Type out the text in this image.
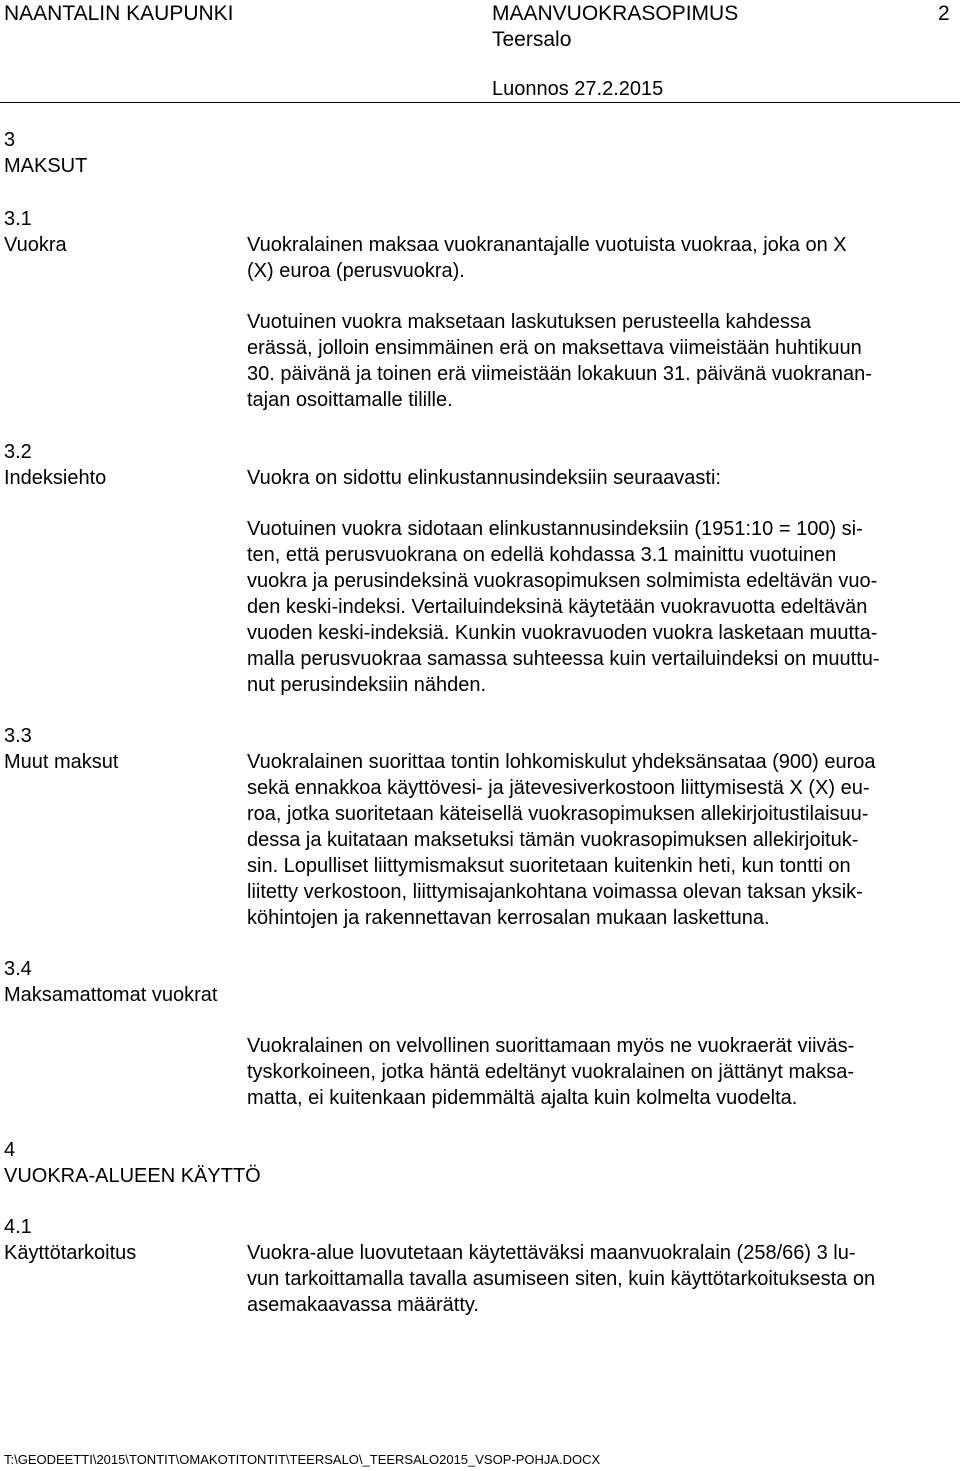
NAANTALIN KAUPUNKI	MAANVUOKRASOPIMUS	2
Teersalo
Luonnos 27.2.2015
3
MAKSUT
3.1
Vuokra	Vuokralainen maksaa vuokranantajalle vuotuista vuokraa, joka on X
(X) euroa (perusvuokra).
Vuotuinen vuokra maksetaan laskutuksen perusteella kahdessa
erässä, jolloin ensimmäinen erä on maksettava viimeistään huhtikuun
30. päivänä ja toinen erä viimeistään lokakuun 31. päivänä vuokranan-
tajan osoittamalle tilille.
3.2
Indeksiehto	Vuokra on sidottu elinkustannusindeksiin seuraavasti:
Vuotuinen vuokra sidotaan elinkustannusindeksiin (1951:10 = 100) si-
ten, että perusvuokrana on edellä kohdassa 3.1 mainittu vuotuinen
vuokra ja perusindeksinä vuokrasopimuksen solmimista edeltävän vuo-
den keski-indeksi. Vertailuindeksinä käytetään vuokravuotta edeltävän
vuoden keski-indeksiä. Kunkin vuokravuoden vuokra lasketaan muutta-
malla perusvuokraa samassa suhteessa kuin vertailuindeksi on muuttu-
nut perusindeksiin nähden.
3.3
Muut maksut	Vuokralainen suorittaa tontin lohkomiskulut yhdeksänsataa (900) euroa
sekä ennakkoa käyttövesi- ja jätevesiverkostoon liittymisestä X (X) eu-
roa, jotka suoritetaan käteisellä vuokrasopimuksen allekirjoitustilaisuu-
dessa ja kuitataan maksetuksi tämän vuokrasopimuksen allekirjoituk-
sin. Lopulliset liittymismaksut suoritetaan kuitenkin heti, kun tontti on
liitetty verkostoon, liittymisajankohtana voimassa olevan taksan yksik-
köhintojen ja rakennettavan kerrosalan mukaan laskettuna.
3.4
Maksamattomat vuokrat
Vuokralainen on velvollinen suorittamaan myös ne vuokraerät viiväs-
tyskorkoineen, jotka häntä edeltänyt vuokralainen on jättänyt maksa-
matta, ei kuitenkaan pidemmältä ajalta kuin kolmelta vuodelta.
4
VUOKRA-ALUEEN KÄYTTÖ
4.1
Käyttötarkoitus	Vuokra-alue luovutetaan käytettäväksi maanvuokralain (258/66) 3 lu-
vun tarkoittamalla tavalla asumiseen siten, kuin käyttötarkoituksesta on
asemakaavassa määrätty.
T:\GEODEETTI\2015\TONTIT\OMAKOTITONTIT\TEERSALO\_TEERSALO2015_VSOP-POHJA.DOCX
